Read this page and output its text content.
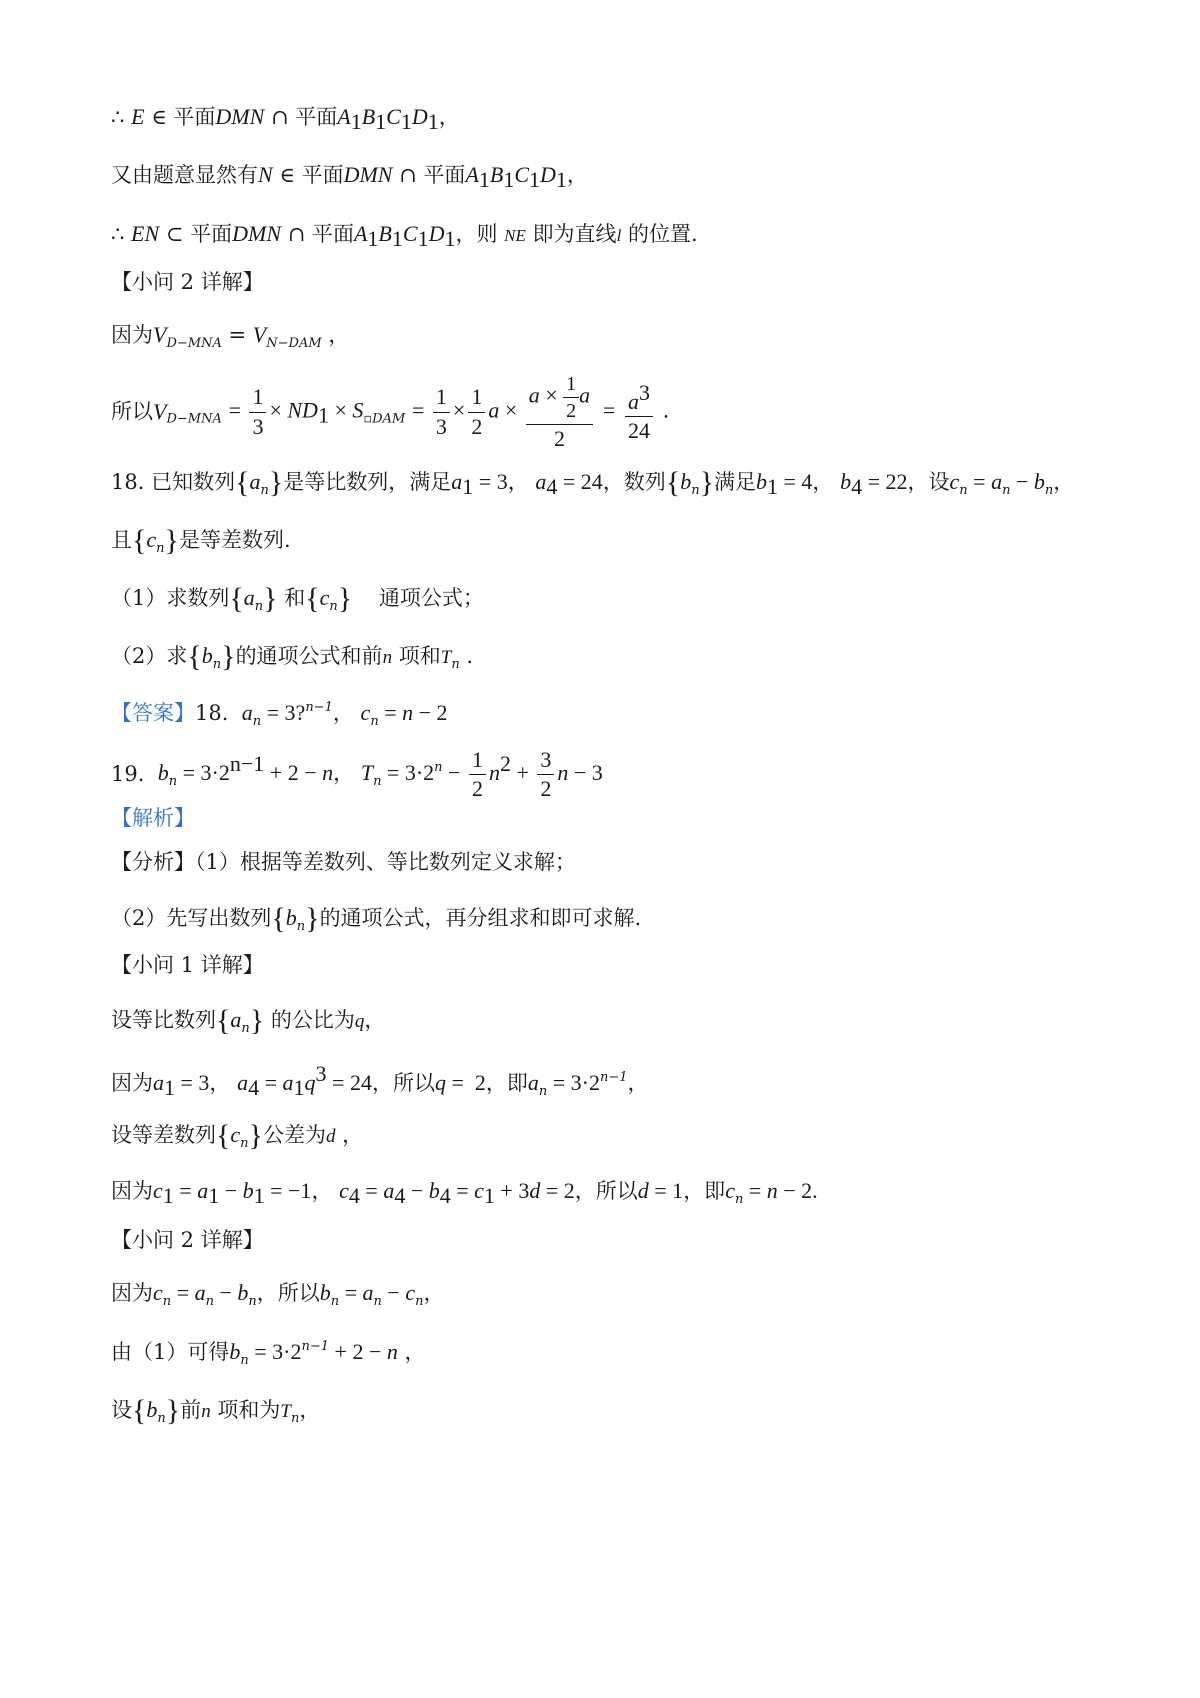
∴ E ∈ 平面DMN ∩ 平面$A_1B_1C_1D_1$，
又由题意显然有N ∈ 平面DMN ∩ 平面$A_1B_1C_1D_1$，
∴ EN ⊂ 平面DMN ∩ 平面$A_1B_1C_1D_1$，则 NE 即为直线l 的位置.
【小问 2 详解】
因为$V_{D-MNA} = V_{N-DAM}$ ，
所以$V_{D-MNA} = \frac{1}{3} \times ND_1 \times S_{▫DAM} = \frac{1}{3} \times \frac{1}{2}$ $a \times \frac{a \times \frac{1}{2} a}{2} = \frac{a^3}{24}$ .
18. 已知数列$\{a_n\}$是等比数列，满足$a_1 = 3$， $a_4 = 24$，数列$\{b_n\}$满足$b_1 = 4$， $b_4 = 22$，设$c_n = a_n - b_n$，
且$\{c_n\}$是等差数列.
（1）求数列$\{a_n\}$ 和$\{c_n\}$ 通项公式；
（2）求$\{b_n\}$的通项公式和前n 项和$T_n$ .
【答案】18. $a_n$ = 3?$^{n-1}$， $c_n = n - 2$
19. $b_n = 3\cdot 2^{n-1} + 2 - n$， $T_n = 3\cdot 2^n - \frac{1}{2} n^2 + \frac{3}{2}$ n − 3
【解析】
【分析】（1）根据等差数列、等比数列定义求解；
（2）先写出数列$\{b_n\}$的通项公式，再分组求和即可求解.
【小问 1 详解】
设等比数列$\{a_n\}$ 的公比为q，
因为$a_1 = 3$， $a_4 = a_1q^3 = 24$，所以q =  2，即$a_n = 3\cdot 2^{n-1}$，
设等差数列$\{c_n\}$公差为d ，
因为$c_1 = a_1 - b_1 = -1$， $c_4 = a_4 - b_4 = c_1 + 3d = 2$，所以d = 1，即$c_n = n - 2$.
【小问 2 详解】
因为$c_n = a_n - b_n$，所以$b_n = a_n - c_n$，
由（1）可得$b_n = 3\cdot 2^{n-1} + 2 - n$ ，
设$\{b_n\}$前n 项和为$T_n$，
